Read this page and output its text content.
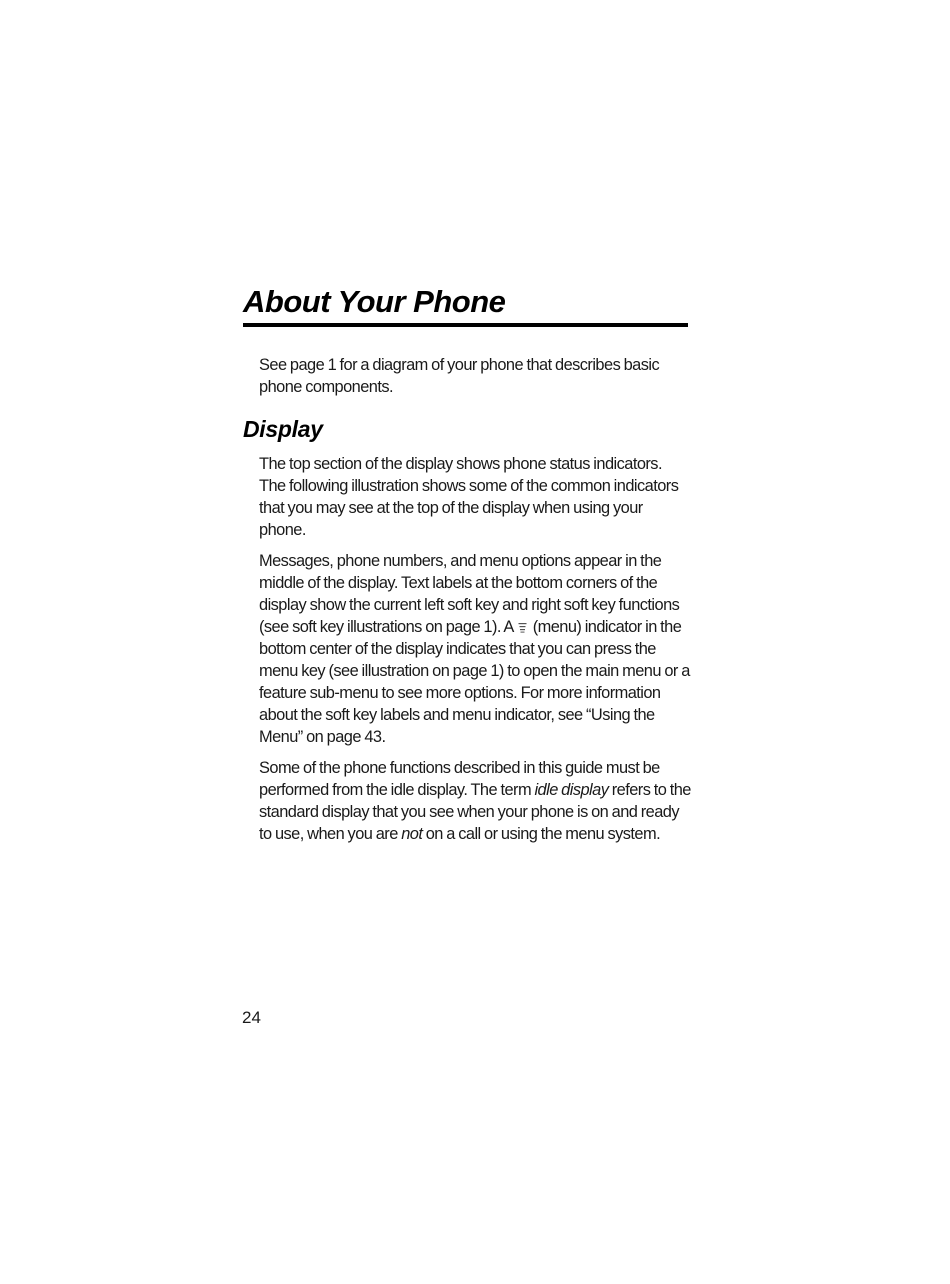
About Your Phone

See page 1 for a diagram of your phone that describes basic phone components.

Display

The top section of the display shows phone status indicators. The following illustration shows some of the common indicators that you may see at the top of the display when using your phone.

Messages, phone numbers, and menu options appear in the middle of the display. Text labels at the bottom corners of the display show the current left soft key and right soft key functions (see soft key illustrations on page 1). A (menu) indicator in the bottom center of the display indicates that you can press the menu key (see illustration on page 1) to open the main menu or a feature sub-menu to see more options. For more information about the soft key labels and menu indicator, see “Using the Menu” on page 43.

Some of the phone functions described in this guide must be performed from the idle display. The term idle display refers to the standard display that you see when your phone is on and ready to use, when you are not on a call or using the menu system.

24
